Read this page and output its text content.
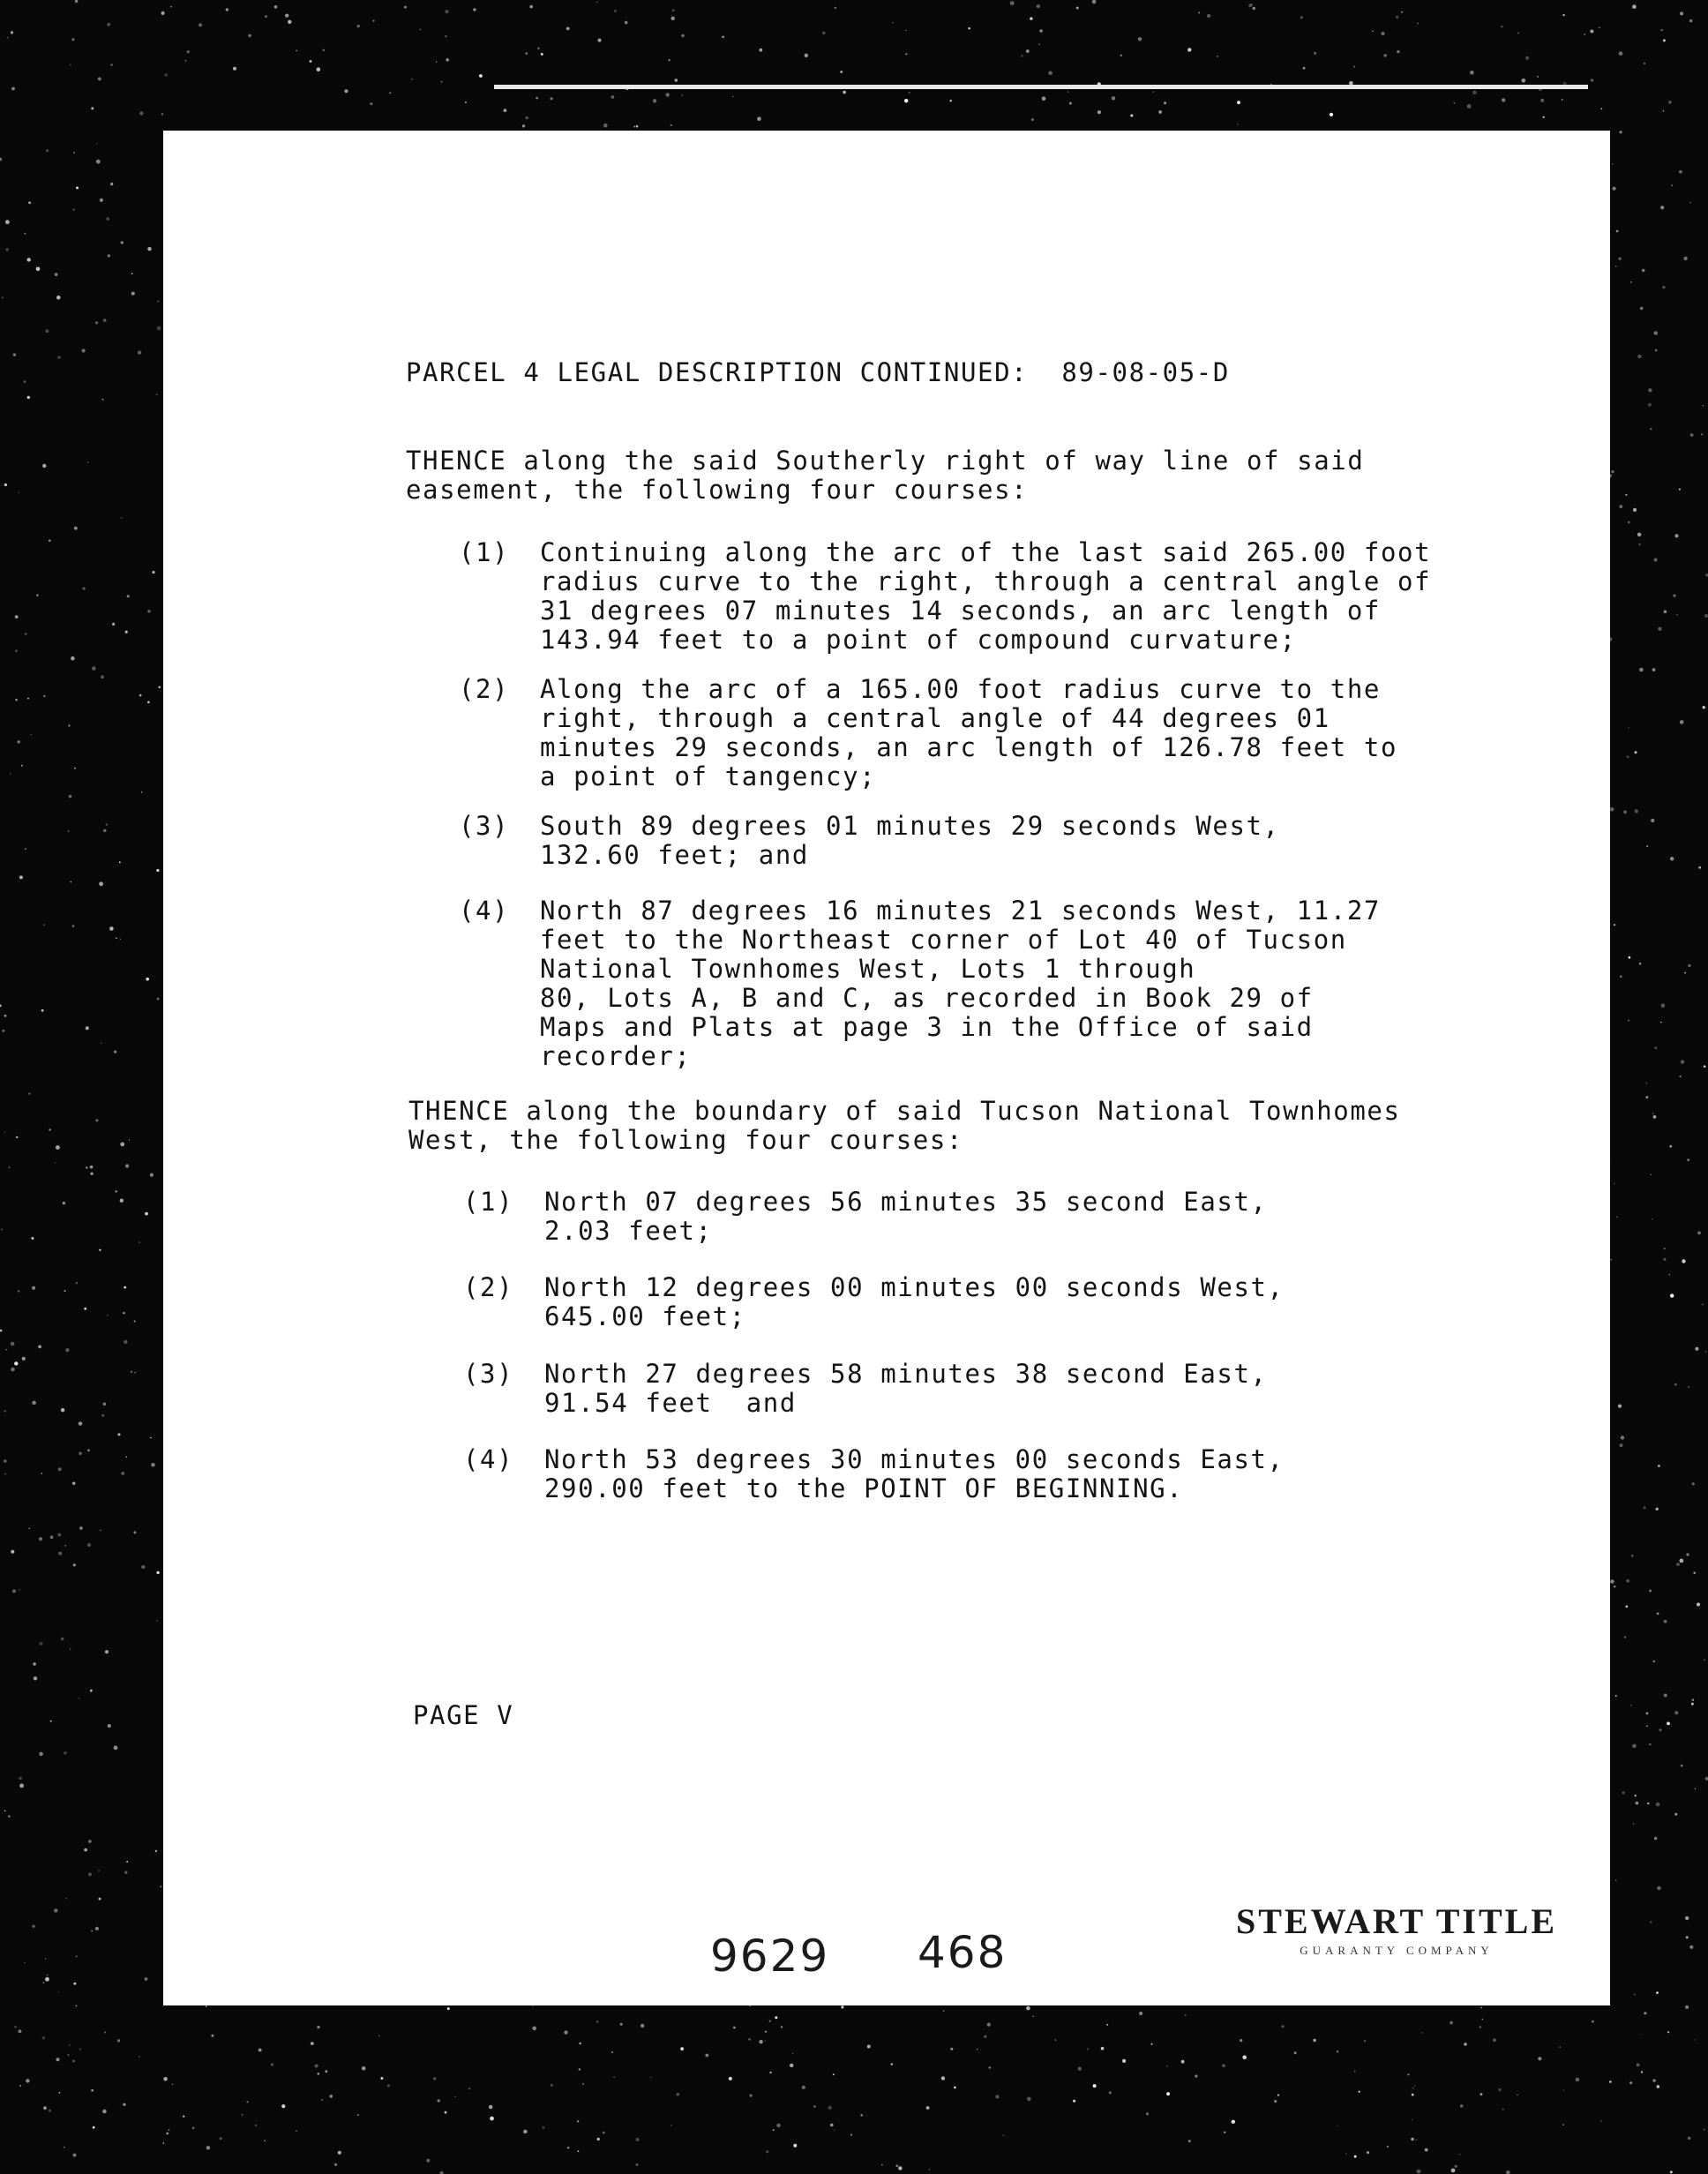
PARCEL 4 LEGAL DESCRIPTION CONTINUED: 89-08-05-D
THENCE along the said Southerly right of way line of said
easement, the following four courses:
(1)	Continuing along the arc of the last said 265.00 foot
radius curve to the right, through a central angle of
31 degrees 07 minutes 14 seconds, an arc length of
143.94 feet to a point of compound curvature;
(2)	Along the arc of a 165.00 foot radius curve to the
right, through a central angle of 44 degrees 01
minutes 29 seconds, an arc length of 126.78 feet to
a point of tangency;
(3)	South 89 degrees 01 minutes 29 seconds West,
132.60 feet; and
(4)	North 87 degrees 16 minutes 21 seconds West, 11.27
feet to the Northeast corner of Lot 40 of Tucson
National Townhomes West, Lots 1 through
80, Lots A, B and C, as recorded in Book 29 of
Maps and Plats at page 3 in the Office of said
recorder;
THENCE along the boundary of said Tucson National Townhomes
West, the following four courses:
(1)	North 07 degrees 56 minutes 35 second East,
2.03 feet;
(2)	North 12 degrees 00 minutes 00 seconds West,
645.00 feet;
(3)	North 27 degrees 58 minutes 38 second East,
91.54 feet  and
(4)	North 53 degrees 30 minutes 00 seconds East,
290.00 feet to the POINT OF BEGINNING.
PAGE V
9629 468
STEWART TITLE
GUARANTY COMPANY
